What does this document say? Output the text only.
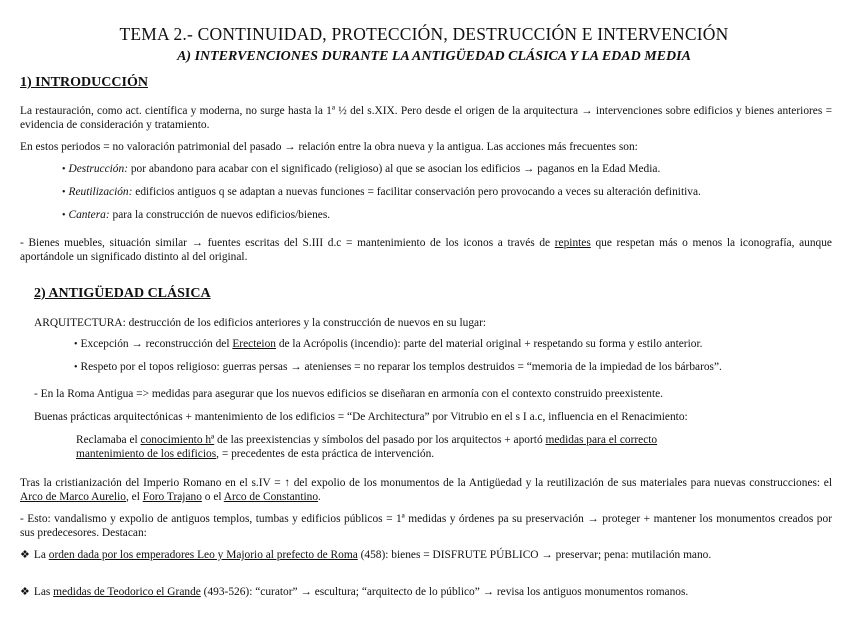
TEMA 2.- CONTINUIDAD, PROTECCIÓN, DESTRUCCIÓN E INTERVENCIÓN
A) INTERVENCIONES DURANTE LA ANTIGÜEDAD CLÁSICA Y LA EDAD MEDIA
1) INTRODUCCIÓN
La restauración, como act. científica y moderna, no surge hasta la 1ª ½ del s.XIX. Pero desde el origen de la arquitectura → intervenciones sobre edificios y bienes anteriores = evidencia de consideración y tratamiento.
En estos periodos = no valoración patrimonial del pasado → relación entre la obra nueva y la antigua. Las acciones más frecuentes son:
• Destrucción: por abandono para acabar con el significado (religioso) al que se asocian los edificios → paganos en la Edad Media.
• Reutilización: edificios antiguos q se adaptan a nuevas funciones = facilitar conservación pero provocando a veces su alteración definitiva.
• Cantera: para la construcción de nuevos edificios/bienes.
- Bienes muebles, situación similar → fuentes escritas del S.III d.c = mantenimiento de los iconos a través de repintes que respetan más o menos la iconografía, aunque aportándole un significado distinto al del original.
2) ANTIGÜEDAD CLÁSICA
ARQUITECTURA: destrucción de los edificios anteriores y la construcción de nuevos en su lugar:
• Excepción → reconstrucción del Erecteion de la Acrópolis (incendio): parte del material original + respetando su forma y estilo anterior.
• Respeto por el topos religioso: guerras persas → atenienses = no reparar los templos destruidos = “memoria de la impiedad de los bárbaros”.
- En la Roma Antigua => medidas para asegurar que los nuevos edificios se diseñaran en armonía con el contexto construido preexistente.
Buenas prácticas arquitectónicas + mantenimiento de los edificios = “De Architectura” por Vitrubio en el s I a.c, influencia en el Renacimiento:
Reclamaba el conocimiento hª de las preexistencias y símbolos del pasado por los arquitectos + aportó medidas para el correcto
mantenimiento de los edificios, = precedentes de esta práctica de intervención.
Tras la cristianización del Imperio Romano en el s.IV = ↑ del expolio de los monumentos de la Antigüedad y la reutilización de sus materiales para nuevas construcciones: el Arco de Marco Aurelio, el Foro Trajano o el Arco de Constantino.
- Esto: vandalismo y expolio de antiguos templos, tumbas y edificios públicos = 1ª medidas y órdenes pa su preservación → proteger + mantener los monumentos creados por sus predecesores. Destacan:
❖ La orden dada por los emperadores Leo y Majorio al prefecto de Roma (458): bienes = DISFRUTE PÚBLICO → preservar; pena: mutilación mano.
❖ Las medidas de Teodorico el Grande (493-526): “curator” → escultura; “arquitecto de lo público” → revisa los antiguos monumentos romanos.
